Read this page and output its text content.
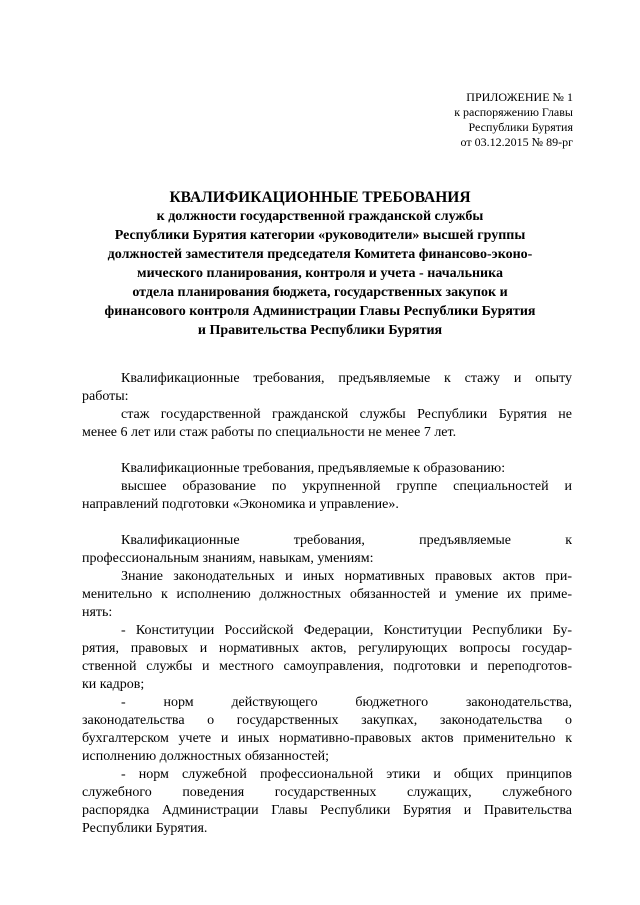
ПРИЛОЖЕНИЕ № 1
к распоряжению Главы
Республики Бурятия
от 03.12.2015 № 89-рг
КВАЛИФИКАЦИОННЫЕ ТРЕБОВАНИЯ
к должности государственной гражданской службы
Республики Бурятия категории «руководители» высшей группы
должностей заместителя председателя Комитета финансово-эконо-
мического планирования, контроля и учета - начальника
отдела планирования бюджета, государственных закупок и
финансового контроля Администрации Главы Республики Бурятия
и Правительства Республики Бурятия
Квалификационные требования, предъявляемые к стажу и опыту
работы:
стаж государственной гражданской службы Республики Бурятия не
менее 6 лет или стаж работы по специальности не менее 7 лет.
Квалификационные требования, предъявляемые к образованию:
высшее образование по укрупненной группе специальностей и
направлений подготовки «Экономика и управление».
Квалификационные	требования,	предъявляемые	к
профессиональным знаниям, навыкам, умениям:
Знание законодательных и иных нормативных правовых актов при-
менительно к исполнению должностных обязанностей и умение их приме-
нять:
- Конституции Российской Федерации, Конституции Республики Бу-
рятия, правовых и нормативных актов, регулирующих вопросы государ-
ственной службы и местного самоуправления, подготовки и переподготов-
ки кадров;
-	норм	действующего	бюджетного	законодательства,
законодательства о государственных закупках, законодательства о
бухгалтерском учете и иных нормативно-правовых актов применительно к
исполнению должностных обязанностей;
- норм служебной профессиональной этики и общих принципов
служебного поведения государственных служащих, служебного
распорядка Администрации Главы Республики Бурятия и Правительства
Республики Бурятия.
